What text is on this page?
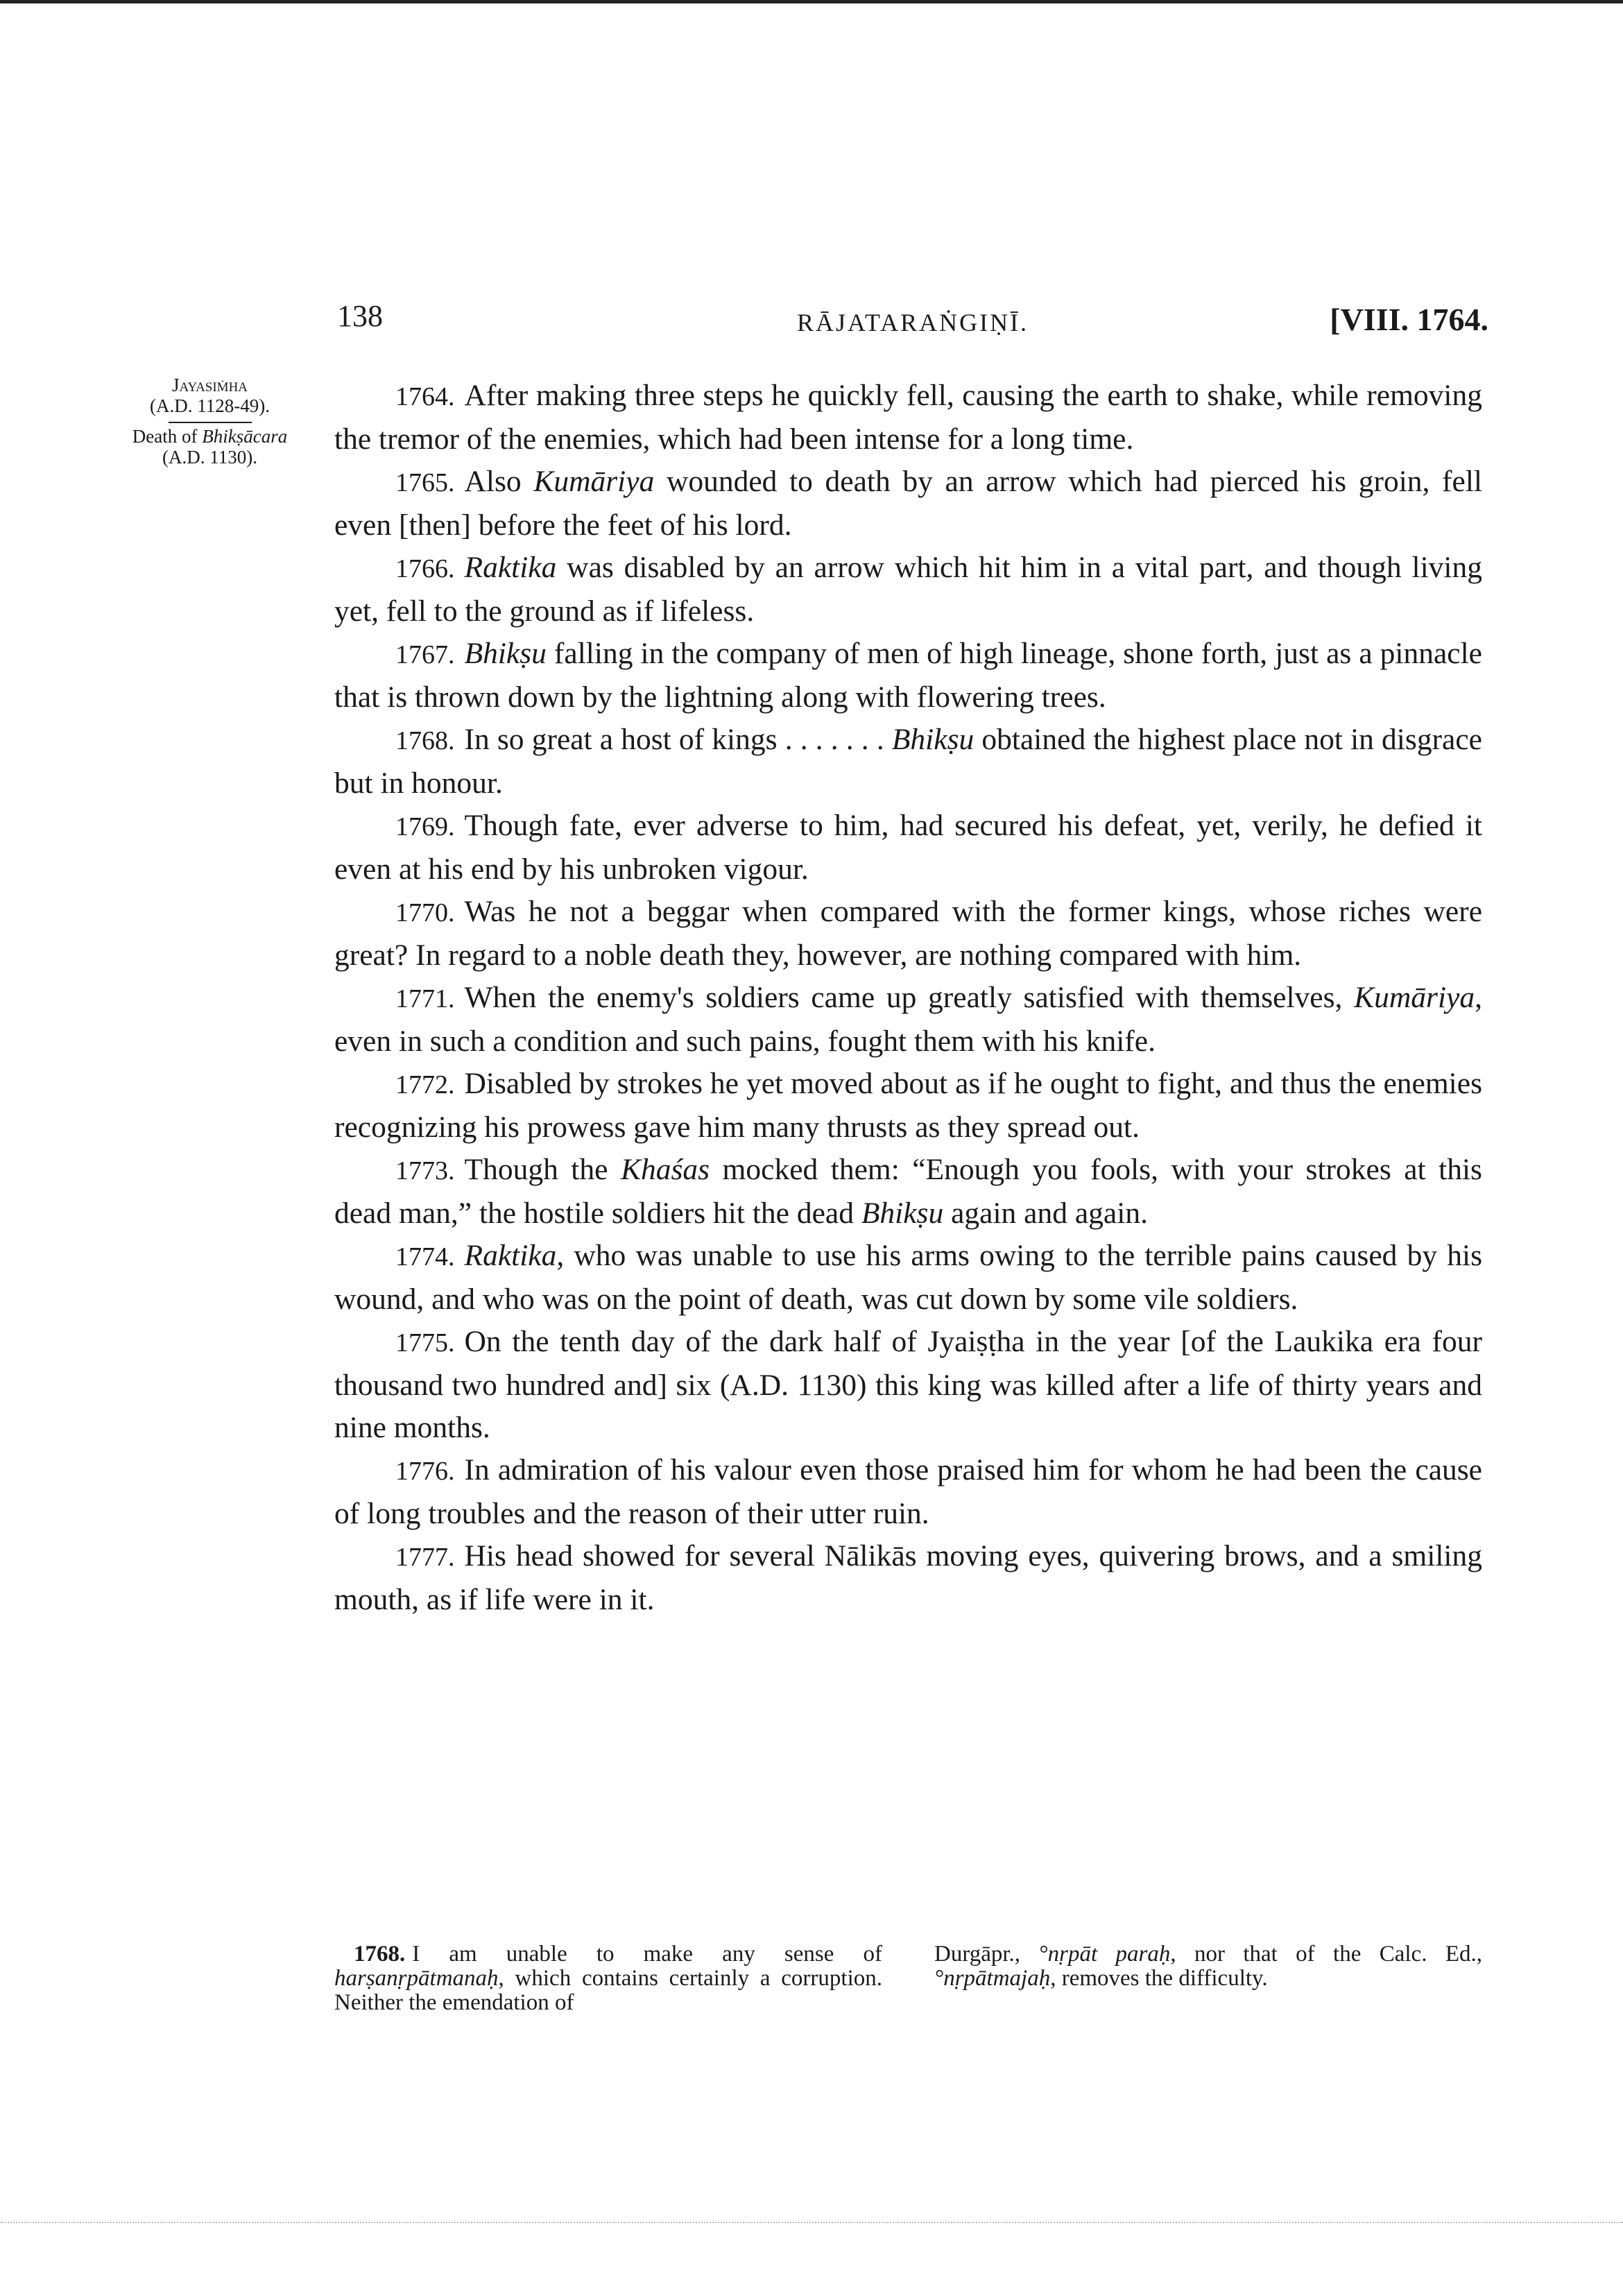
138	RĀJATARAṄGIṆĪ.	[VIII. 1764.
Jayasiṁha
(A.D. 1128-49).
Death of Bhikṣācara
(A.D. 1130).

1764. After making three steps he quickly fell, causing the earth to shake, while removing the tremor of the enemies, which had been intense for a long time.

1765. Also Kumāriya wounded to death by an arrow which had pierced his groin, fell even [then] before the feet of his lord.

1766. Raktika was disabled by an arrow which hit him in a vital part, and though living yet, fell to the ground as if lifeless.

1767. Bhikṣu falling in the company of men of high lineage, shone forth, just as a pinnacle that is thrown down by the lightning along with flowering trees.

1768. In so great a host of kings . . . . . . . Bhikṣu obtained the highest place not in disgrace but in honour.

1769. Though fate, ever adverse to him, had secured his defeat, yet, verily, he defied it even at his end by his unbroken vigour.

1770. Was he not a beggar when compared with the former kings, whose riches were great? In regard to a noble death they, however, are nothing compared with him.

1771. When the enemy's soldiers came up greatly satisfied with themselves, Kumāriya, even in such a condition and such pains, fought them with his knife.

1772. Disabled by strokes he yet moved about as if he ought to fight, and thus the enemies recognizing his prowess gave him many thrusts as they spread out.

1773. Though the Khaśas mocked them: “Enough you fools, with your strokes at this dead man,” the hostile soldiers hit the dead Bhikṣu again and again.

1774. Raktika, who was unable to use his arms owing to the terrible pains caused by his wound, and who was on the point of death, was cut down by some vile soldiers.

1775. On the tenth day of the dark half of Jyaiṣṭha in the year [of the Laukika era four thousand two hundred and] six (A.D. 1130) this king was killed after a life of thirty years and nine months.

1776. In admiration of his valour even those praised him for whom he had been the cause of long troubles and the reason of their utter ruin.

1777. His head showed for several Nālikās moving eyes, quivering brows, and a smiling mouth, as if life were in it.

1768. I am unable to make any sense of harṣanṛpātmanaḥ, which contains certainly a corruption. Neither the emendation of
Durgāpr., °nṛpāt paraḥ, nor that of the Calc. Ed., °nṛpātmajaḥ, removes the difficulty.
